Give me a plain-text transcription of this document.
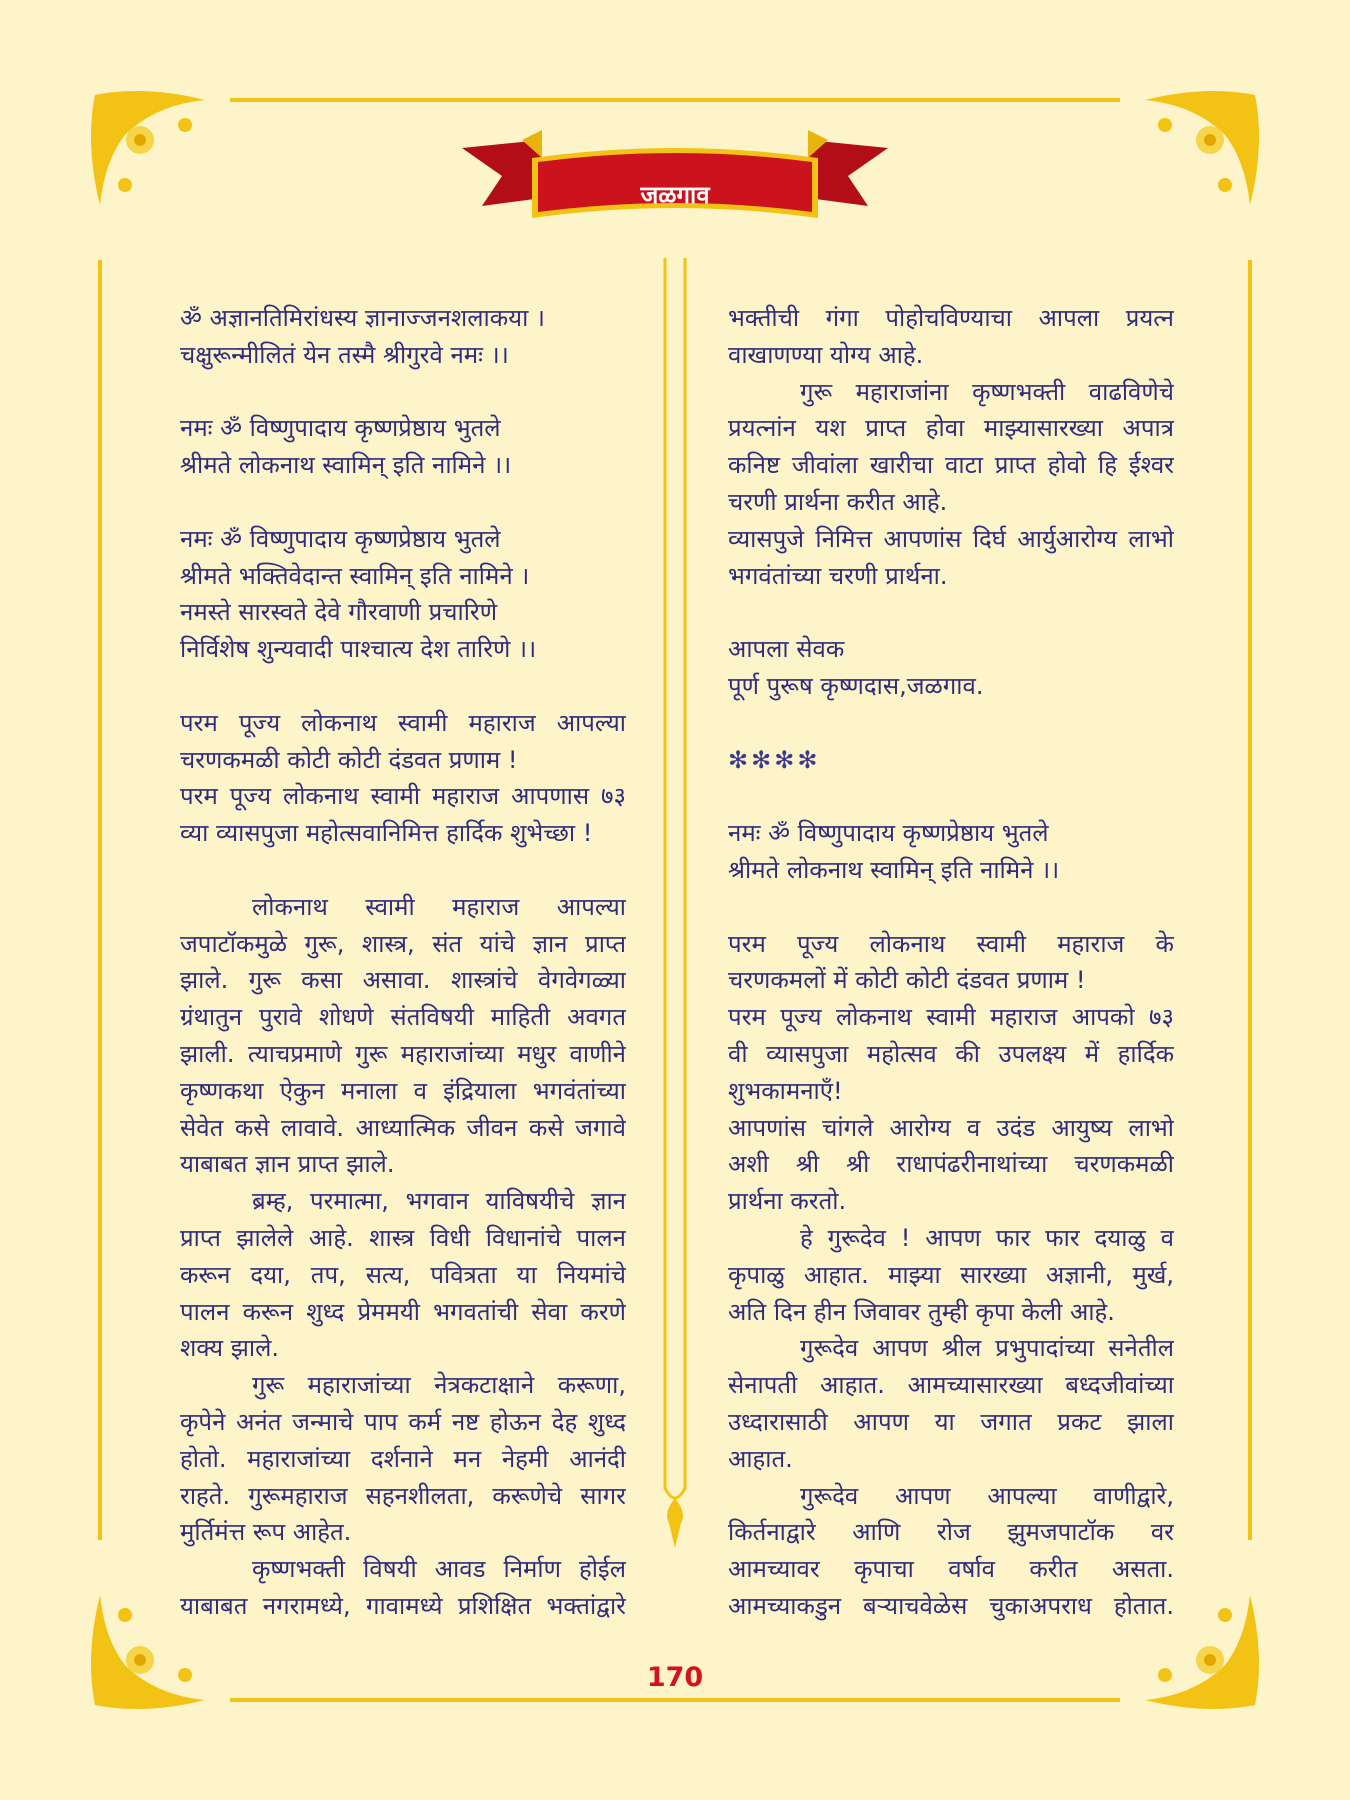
जळगाव
ॐ अज्ञानतिमिरांधस्य ज्ञानाज्जनशलाकया ।
चक्षुरून्मीलितं येन तस्मै श्रीगुरवे नमः ।।
नमः ॐ विष्णुपादाय कृष्णप्रेष्ठाय भुतले
श्रीमते लोकनाथ स्वामिन् इति नामिने ।।
नमः ॐ विष्णुपादाय कृष्णप्रेष्ठाय भुतले
श्रीमते भक्तिवेदान्त स्वामिन् इति नामिने ।
नमस्ते सारस्वते देवे गौरवाणी प्रचारिणे
निर्विशेष शुन्यवादी पाश्चात्य देश तारिणे ।।
परम पूज्य लोकनाथ स्वामी महाराज आपल्या
चरणकमळी कोटी कोटी दंडवत प्रणाम !
परम पूज्य लोकनाथ स्वामी महाराज आपणास ७३
व्या व्यासपुजा महोत्सवानिमित्त हार्दिक शुभेच्छा !
लोकनाथ स्वामी महाराज आपल्या
जपाटॉकमुळे गुरू, शास्त्र, संत यांचे ज्ञान प्राप्त
झाले. गुरू कसा असावा. शास्त्रांचे वेगवेगळ्या
ग्रंथातुन पुरावे शोधणे संतविषयी माहिती अवगत
झाली. त्याचप्रमाणे गुरू महाराजांच्या मधुर वाणीने
कृष्णकथा ऐकुन मनाला व इंद्रियाला भगवंतांच्या
सेवेत कसे लावावे. आध्यात्मिक जीवन कसे जगावे
याबाबत ज्ञान प्राप्त झाले.
ब्रम्ह, परमात्मा, भगवान याविषयीचे ज्ञान
प्राप्त झालेले आहे. शास्त्र विधी विधानांचे पालन
करून दया, तप, सत्य, पवित्रता या नियमांचे
पालन करून शुध्द प्रेममयी भगवतांची सेवा करणे
शक्य झाले.
गुरू महाराजांच्या नेत्रकटाक्षाने करूणा,
कृपेने अनंत जन्माचे पाप कर्म नष्ट होऊन देह शुध्द
होतो. महाराजांच्या दर्शनाने मन नेहमी आनंदी
राहते. गुरूमहाराज सहनशीलता, करूणेचे सागर
मुर्तिमंत्त रूप आहेत.
कृष्णभक्ती विषयी आवड निर्माण होईल
याबाबत नगरामध्ये, गावामध्ये प्रशिक्षित भक्तांद्वारे
भक्तीची गंगा पोहोचविण्याचा आपला प्रयत्न
वाखाणण्या योग्य आहे.
गुरू महाराजांना कृष्णभक्ती वाढविणेचे
प्रयत्नांन यश प्राप्त होवा माझ्यासारख्या अपात्र
कनिष्ट जीवांला खारीचा वाटा प्राप्त होवो हि ईश्वर
चरणी प्रार्थना करीत आहे.
व्यासपुजे निमित्त आपणांस दिर्घ आर्युआरोग्य लाभो
भगवंतांच्या चरणी प्रार्थना.
आपला सेवक
पूर्ण पुरूष कृष्णदास,जळगाव.
✻✻✻✻
नमः ॐ विष्णुपादाय कृष्णप्रेष्ठाय भुतले
श्रीमते लोकनाथ स्वामिन् इति नामिने ।।
परम पूज्य लोकनाथ स्वामी महाराज के
चरणकमलों में कोटी कोटी दंडवत प्रणाम !
परम पूज्य लोकनाथ स्वामी महाराज आपको ७३
वी व्यासपुजा महोत्सव की उपलक्ष्य में हार्दिक
शुभकामनाएँ!
आपणांस चांगले आरोग्य व उदंड आयुष्य लाभो
अशी श्री श्री राधापंढरीनाथांच्या चरणकमळी
प्रार्थना करतो.
हे गुरूदेव ! आपण फार फार दयाळु व
कृपाळु आहात. माझ्या सारख्या अज्ञानी, मुर्ख,
अति दिन हीन जिवावर तुम्ही कृपा केली आहे.
गुरूदेव आपण श्रील प्रभुपादांच्या सनेतील
सेनापती आहात. आमच्यासारख्या बध्दजीवांच्या
उध्दारासाठी आपण या जगात प्रकट झाला
आहात.
गुरूदेव आपण आपल्या वाणीद्वारे,
किर्तनाद्वारे आणि रोज झुमजपाटॉक वर
आमच्यावर कृपाचा वर्षाव करीत असता.
आमच्याकडुन बऱ्याचवेळेस चुकाअपराध होतात.
170
